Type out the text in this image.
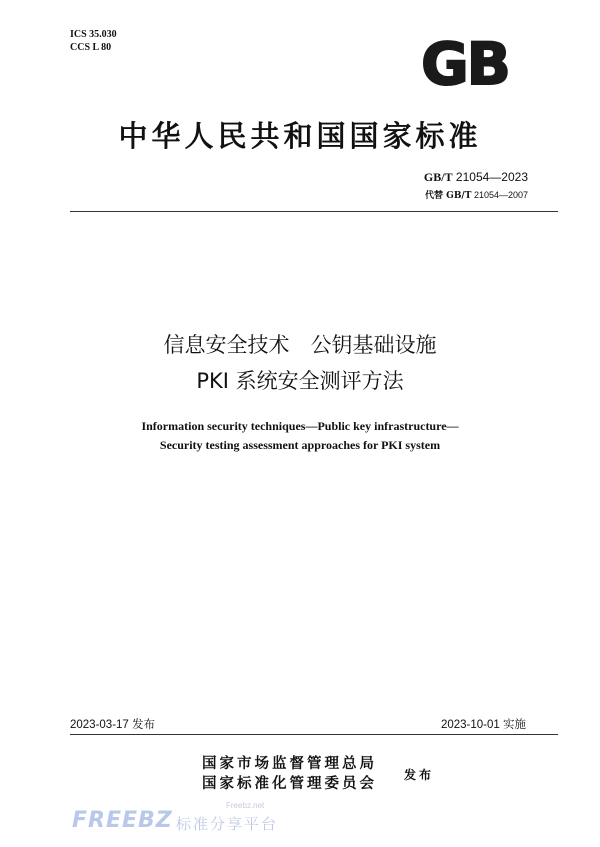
ICS 35.030
CCS L 80	GB
中华人民共和国国家标准
GB/T 21054—2023
代替 GB/T 21054—2007
信息安全技术　公钥基础设施
PKI 系统安全测评方法
Information security techniques—Public key infrastructure—
Security testing assessment approaches for PKI system
2023-03-17 发布	2023-10-01 实施
国家市场监督管理总局
国家标准化管理委员会 发布
Freebz.net
FREEBZ 标准分享平台
